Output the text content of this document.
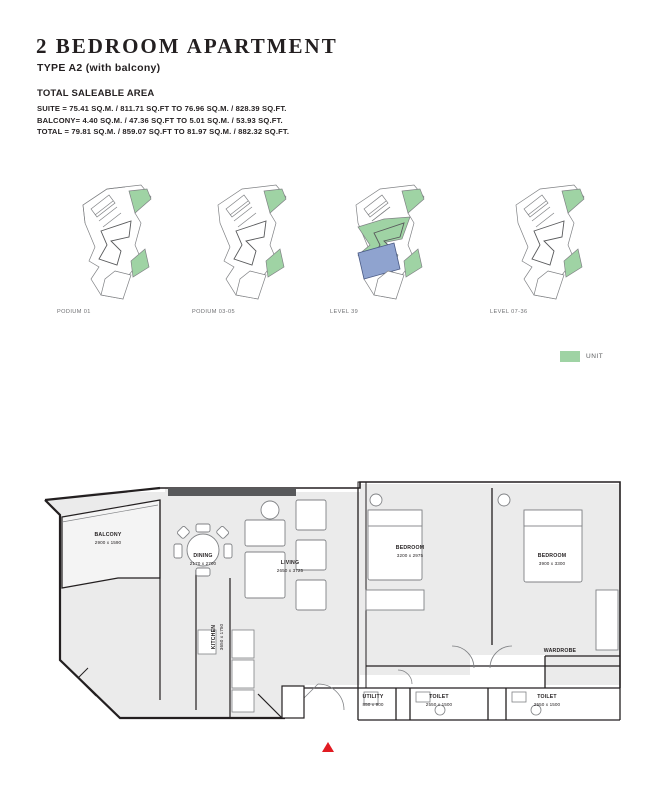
2 BEDROOM APARTMENT
TYPE A2 (with balcony)
TOTAL SALEABLE AREA
SUITE = 75.41 SQ.M. / 811.71 SQ.FT TO 76.96 SQ.M. / 828.39 SQ.FT.
BALCONY= 4.40 SQ.M. / 47.36 SQ.FT TO 5.01 SQ.M. / 53.93 SQ.FT.
TOTAL = 79.81 SQ.M. / 859.07 SQ.FT TO 81.97 SQ.M. / 882.32 SQ.FT.
PODIUM 01	PODIUM 03-05	LEVEL 39	LEVEL 07-36
UNIT
BALCONY
2900 x 1590
DINING
2170 x 2700	LIVING
2650 x 3725
KITCHEN 3650 x 1750
BEDROOM
3200 x 2975	BEDROOM
3900 x 3300
WARDROBE
UTILITY
850 x 900
TOILET
2550 x 1500
TOILET
2550 x 1500
